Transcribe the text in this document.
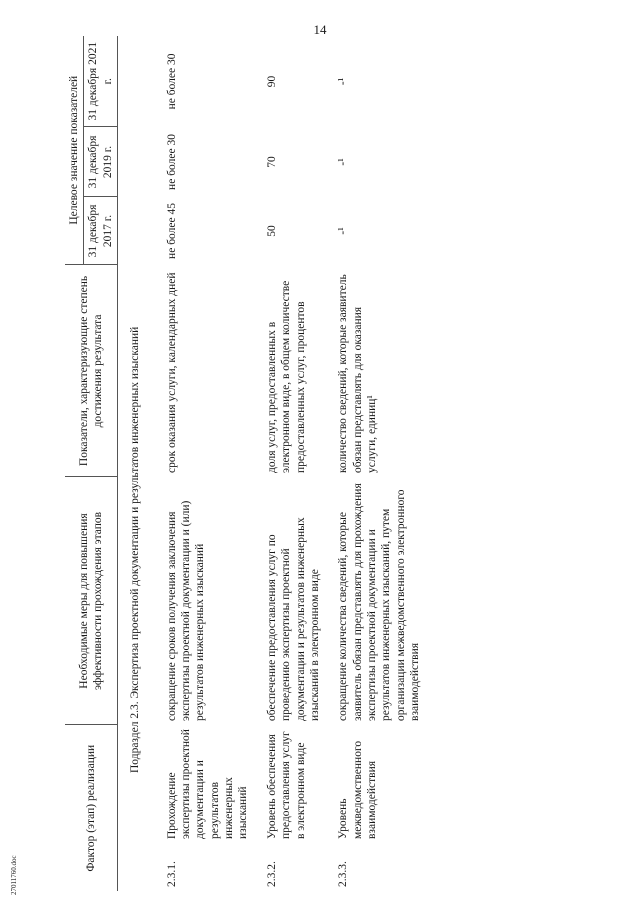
14
Фактор (этап) реализации		Необходимые меры для повышения эффективности прохождения этапов	Показатели, характеризующие степень достижения результата	Целевое значение показателей		
				31 декабря 2017 г.	31 декабря 2019 г.	31 декабря 2021 г.
Подраздел 2.3. Экспертиза проектной документации и результатов инженерных изысканий						
2.3.1.	Прохождение экспертизы проектной документации и результатов инженерных изысканий	сокращение сроков получения заключения экспертизы проектной документации и (или) результатов инженерных изысканий	срок оказания услуги, календарных дней	не более 45	не более 30	не более 30
2.3.2.	Уровень обеспечения предоставления услуг в электронном виде	обеспечение предоставления услуг по проведению экспертизы проектной документации и результатов инженерных изысканий в электронном виде	доля услуг, предоставленных в электронном виде, в общем количестве предоставленных услуг, процентов	50	70	90
2.3.3.	Уровень межведомственного взаимодействия	сокращение количества сведений, которые заявитель обязан представлять для прохождения экспертизы проектной документации и результатов инженерных изысканий, путем организации межведомственного электронного взаимодействия	количество сведений, которые заявитель обязан представлять для оказания услуги, единиц¹	-¹	-¹	-¹
27011760.doc
